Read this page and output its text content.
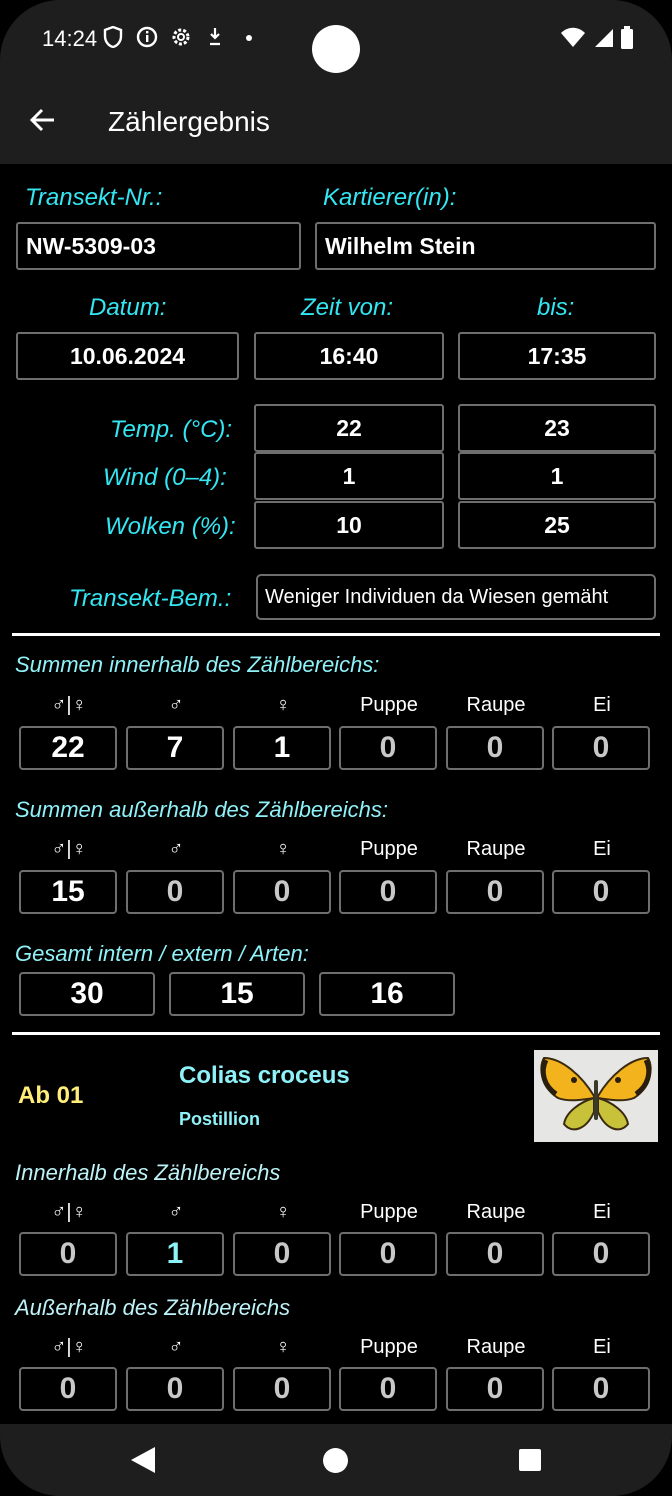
14:24
Zählergebnis
Transekt-Nr.:	Kartierer(in):
NW-5309-03	Wilhelm Stein
Datum:	Zeit von:	bis:
10.06.2024	16:40	17:35
Temp. (°C):	22	23
Wind (0–4):	1	1
Wolken (%):	10	25
Transekt-Bem.:	Weniger Individuen da Wiesen gemäht
Summen innerhalb des Zählbereichs:
♂|♀	♂	♀	Puppe	Raupe	Ei
22	7	1	0	0	0
Summen außerhalb des Zählbereichs:
♂|♀	♂	♀	Puppe	Raupe	Ei
15	0	0	0	0	0
Gesamt intern / extern / Arten:
30	15	16
Ab 01
Colias croceus
Postillion
Innerhalb des Zählbereichs
♂|♀	♂	♀	Puppe	Raupe	Ei
0	1	0	0	0	0
Außerhalb des Zählbereichs
♂|♀	♂	♀	Puppe	Raupe	Ei
0	0	0	0	0	0
